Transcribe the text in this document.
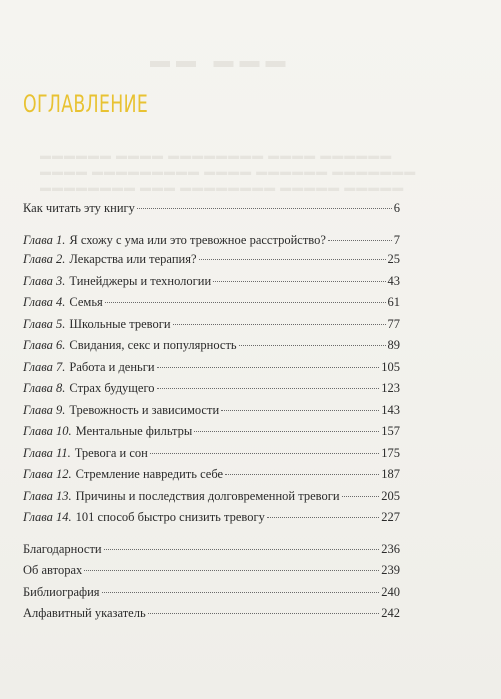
▬▬ ▬▬▬
▬▬▬▬▬▬ ▬▬▬▬ ▬▬▬▬▬▬▬▬ ▬▬▬▬ ▬▬▬▬▬▬
▬▬▬▬ ▬▬▬▬▬▬▬▬▬ ▬▬▬▬ ▬▬▬▬▬▬ ▬▬▬▬▬▬▬
▬▬▬▬▬▬▬▬ ▬▬▬ ▬▬▬▬▬▬▬▬ ▬▬▬▬▬ ▬▬▬▬▬
ОГЛАВЛЕНИЕ
Как читать эту книгу	6
Глава 1. Я схожу с ума или это тревожное расстройство?	7
Глава 2. Лекарства или терапия?	25
Глава 3. Тинейджеры и технологии	43
Глава 4. Семья	61
Глава 5. Школьные тревоги	77
Глава 6. Свидания, секс и популярность	89
Глава 7. Работа и деньги	105
Глава 8. Страх будущего	123
Глава 9. Тревожность и зависимости	143
Глава 10. Ментальные фильтры	157
Глава 11. Тревога и сон	175
Глава 12. Стремление навредить себе	187
Глава 13. Причины и последствия долговременной тревоги	205
Глава 14. 101 способ быстро снизить тревогу	227
Благодарности	236
Об авторах	239
Библиография	240
Алфавитный указатель	242
